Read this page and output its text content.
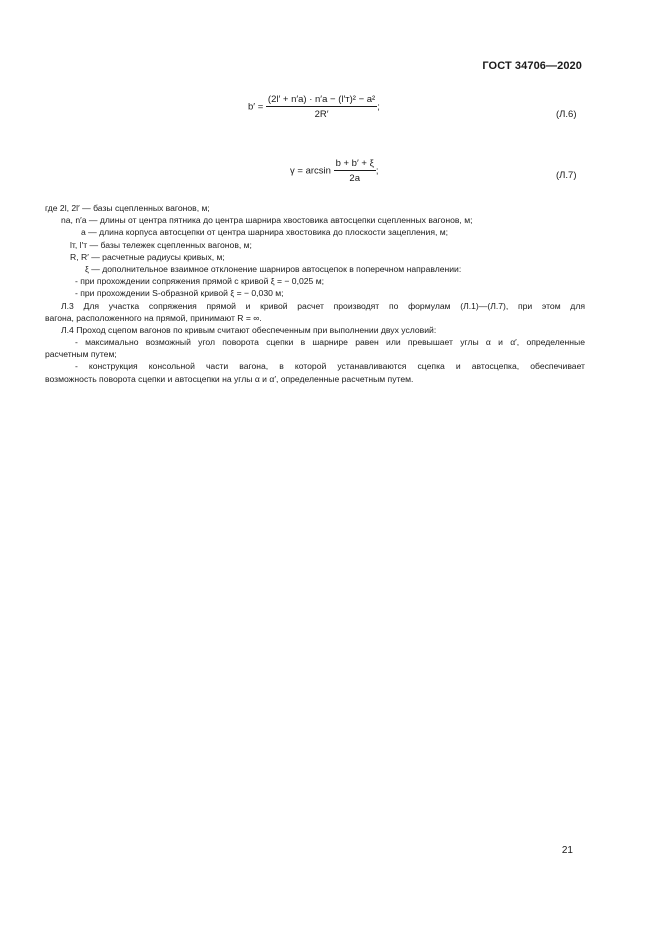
ГОСТ 34706—2020
$b' = \frac{\text{(2l′ + n′a) · n′a − (l′т)² − a²}}{2R'}$ ;
(Л.6)
$\gamma = \arcsin \frac{b + b' + \xi}{2a}$ ;	(Л.7)
где 2l, 2l′ — базы сцепленных вагонов, м;
na, n′a — длины от центра пятника до центра шарнира хвостовика автосцепки сцепленных вагонов, м;
a — длина корпуса автосцепки от центра шарнира хвостовика до плоскости зацепления, м;
lт, l′т — базы тележек сцепленных вагонов, м;
R, R′ — расчетные радиусы кривых, м;
ξ — дополнительное взаимное отклонение шарниров автосцепок в поперечном направлении:
- при прохождении сопряжения прямой с кривой ξ = − 0,025 м;
- при прохождении S-образной кривой ξ = − 0,030 м;
Л.3 Для участка сопряжения прямой и кривой расчет производят по формулам (Л.1)—(Л.7), при этом для
вагона, расположенного на прямой, принимают R = ∞.
Л.4 Проход сцепом вагонов по кривым считают обеспеченным при выполнении двух условий:
- максимально возможный угол поворота сцепки в шарнире равен или превышает углы α и α′, определенные
расчетным путем;
- конструкция консольной части вагона, в которой устанавливаются сцепка и автосцепка, обеспечивает
возможность поворота сцепки и автосцепки на углы α и α′, определенные расчетным путем.
21
